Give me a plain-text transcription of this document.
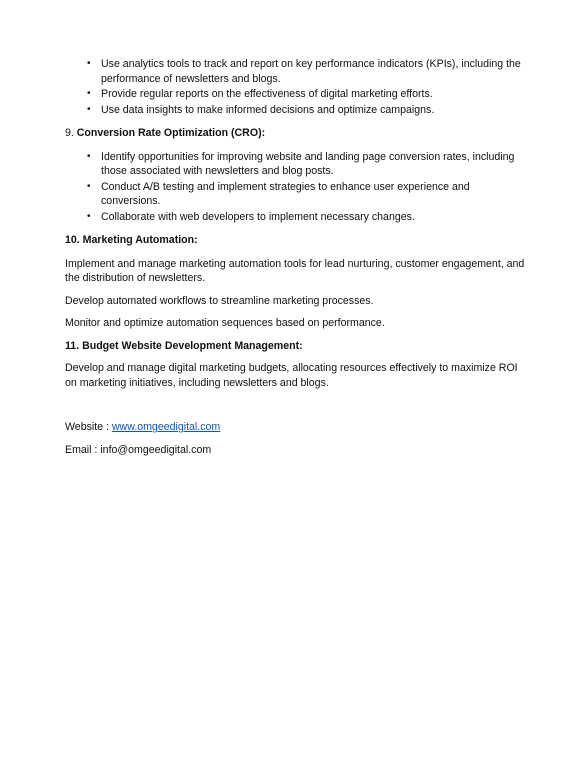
• Use analytics tools to track and report on key performance indicators (KPIs), including the performance of newsletters and blogs.
• Provide regular reports on the effectiveness of digital marketing efforts.
• Use data insights to make informed decisions and optimize campaigns.

9. Conversion Rate Optimization (CRO):

• Identify opportunities for improving website and landing page conversion rates, including those associated with newsletters and blog posts.
• Conduct A/B testing and implement strategies to enhance user experience and conversions.
• Collaborate with web developers to implement necessary changes.

10. Marketing Automation:

Implement and manage marketing automation tools for lead nurturing, customer engagement, and the distribution of newsletters.

Develop automated workflows to streamline marketing processes.

Monitor and optimize automation sequences based on performance.

11. Budget Website Development Management:

Develop and manage digital marketing budgets, allocating resources effectively to maximize ROI on marketing initiatives, including newsletters and blogs.

Website : www.omgeedigital.com

Email : info@omgeedigital.com
